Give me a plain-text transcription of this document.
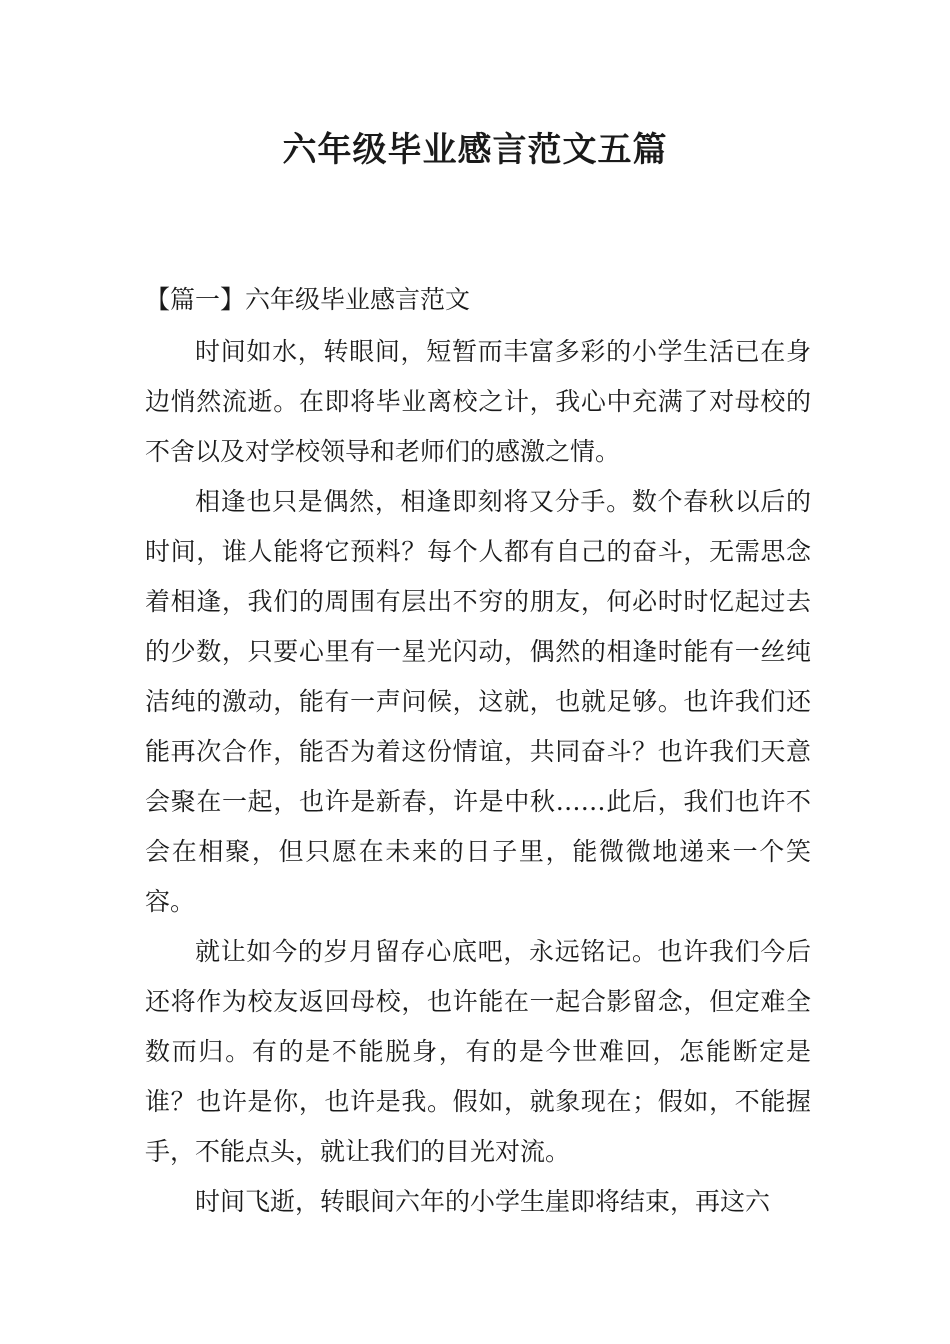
六年级毕业感言范文五篇
【篇一】六年级毕业感言范文

时间如水，转眼间，短暂而丰富多彩的小学生活已在身边悄然流逝。在即将毕业离校之计，我心中充满了对母校的不舍以及对学校领导和老师们的感激之情。

相逢也只是偶然，相逢即刻将又分手。数个春秋以后的时间，谁人能将它预料？每个人都有自己的奋斗，无需思念着相逢，我们的周围有层出不穷的朋友，何必时时忆起过去的少数，只要心里有一星光闪动，偶然的相逢时能有一丝纯洁纯的激动，能有一声问候，这就，也就足够。也许我们还能再次合作，能否为着这份情谊，共同奋斗？也许我们天意会聚在一起，也许是新春，许是中秋……此后，我们也许不会在相聚，但只愿在未来的日子里，能微微地递来一个笑容。

就让如今的岁月留存心底吧，永远铭记。也许我们今后还将作为校友返回母校，也许能在一起合影留念，但定难全数而归。有的是不能脱身，有的是今世难回，怎能断定是谁？也许是你，也许是我。假如，就象现在；假如，不能握手，不能点头，就让我们的目光对流。

时间飞逝，转眼间六年的小学生崖即将结束，再这六
